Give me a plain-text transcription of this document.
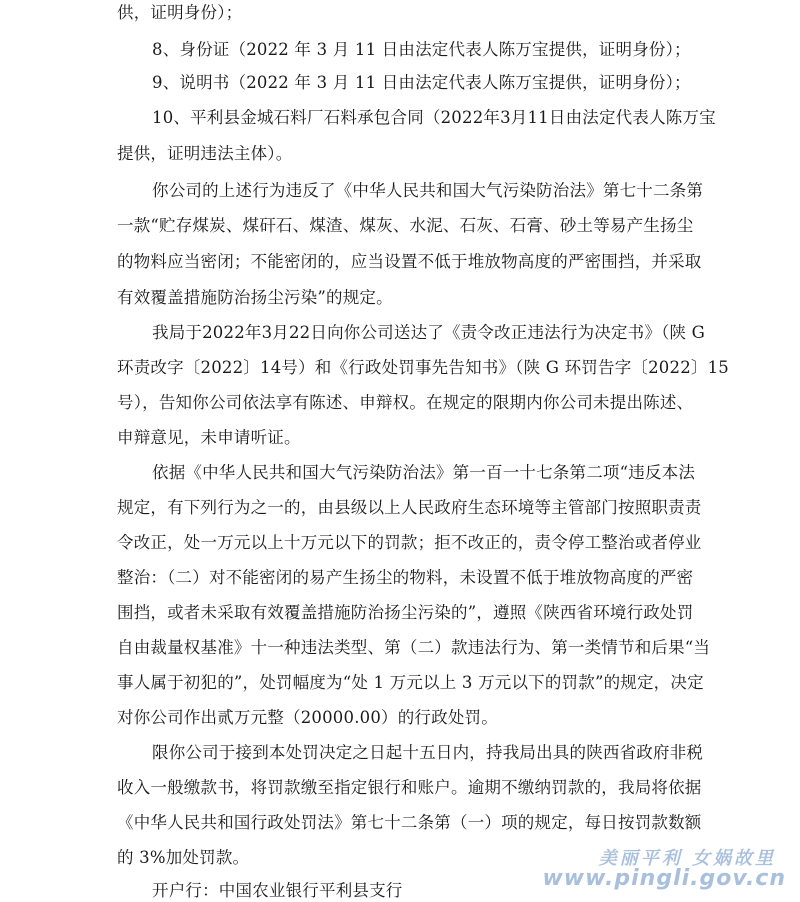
供，证明身份）；
8、身份证（2022 年 3 月 11 日由法定代表人陈万宝提供，证明身份）；
9、说明书（2022 年 3 月 11 日由法定代表人陈万宝提供，证明身份）；
10、平利县金城石料厂石料承包合同（2022年3月11日由法定代表人陈万宝
提供，证明违法主体）。
你公司的上述行为违反了《中华人民共和国大气污染防治法》第七十二条第
一款“贮存煤炭、煤矸石、煤渣、煤灰、水泥、石灰、石膏、砂土等易产生扬尘
的物料应当密闭；不能密闭的，应当设置不低于堆放物高度的严密围挡，并采取
有效覆盖措施防治扬尘污染”的规定。
我局于2022年3月22日向你公司送达了《责令改正违法行为决定书》（陕 G
环责改字〔2022〕14号）和《行政处罚事先告知书》（陕 G 环罚告字〔2022〕15
号），告知你公司依法享有陈述、申辩权。在规定的限期内你公司未提出陈述、
申辩意见，未申请听证。
依据《中华人民共和国大气污染防治法》第一百一十七条第二项“违反本法
规定，有下列行为之一的，由县级以上人民政府生态环境等主管部门按照职责责
令改正，处一万元以上十万元以下的罚款；拒不改正的，责令停工整治或者停业
整治：（二）对不能密闭的易产生扬尘的物料，未设置不低于堆放物高度的严密
围挡，或者未采取有效覆盖措施防治扬尘污染的”，遵照《陕西省环境行政处罚
自由裁量权基准》十一种违法类型、第（二）款违法行为、第一类情节和后果“当
事人属于初犯的”，处罚幅度为“处 1 万元以上 3 万元以下的罚款”的规定，决定
对你公司作出贰万元整（20000.00）的行政处罚。
限你公司于接到本处罚决定之日起十五日内，持我局出具的陕西省政府非税
收入一般缴款书，将罚款缴至指定银行和账户。逾期不缴纳罚款的，我局将依据
《中华人民共和国行政处罚法》第七十二条第（一）项的规定，每日按罚款数额
的 3%加处罚款。
开户行：中国农业银行平利县支行
美丽平利 女娲故里
www.pingli.gov.cn
